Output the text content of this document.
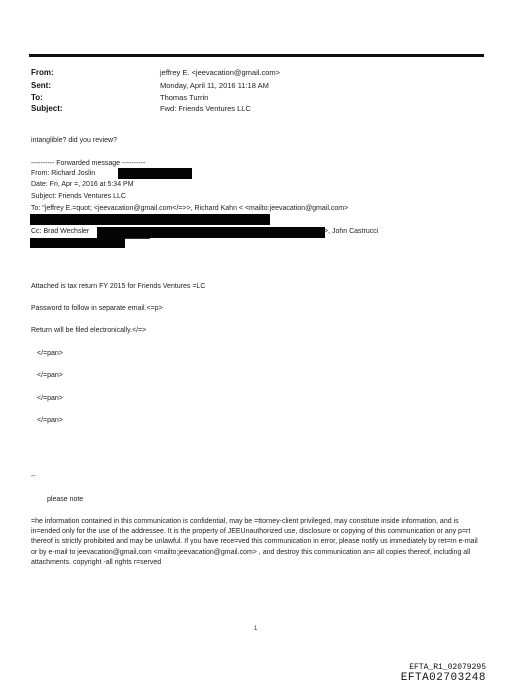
From:	jeffrey E. <jeevacation@gmail.com>
Sent:	Monday, April 11, 2016 11:18 AM
To:	Thomas Turrin
Subject:	Fwd: Friends Ventures LLC
intanglible? did you review?
---------- Forwarded message ----------
From: Richard Joslin
Date: Fri, Apr =, 2016 at 5:34 PM
Subject: Friends Ventures LLC
To: "jeffrey E.=quot; <jeevacation@gmail.com</=>>, Richard Kahn < <mailto:jeevacation@gmail.com>
Cc: Brad Wechsler	>, John Castrucci
Attached is tax return FY 2015 for Friends Ventures =LC
Password to follow in separate email.<=p>
Return will be filed electronically.</=>
</=pan>
</=pan>
</=pan>
</=pan>
--
please note
=he information contained in this communication is confidential, may be =ttorney-client privileged, may constitute inside information, and is in=ended only for the use of the addressee. It is the property of JEEUnauthorized use, disclosure or copying of this communication or any p=rt thereof is strictly prohibited and may be unlawful. If you have rece=ved this communication in error, please notify us immediately by ret=rn e-mail or by e-mail to jeevacation@gmail.com <mailto:jeevacation@gmail.com> , and destroy this communication an= all copies thereof, including all attachments. copyright -all rights r=served
1
EFTA_R1_02079295
EFTA02703248
